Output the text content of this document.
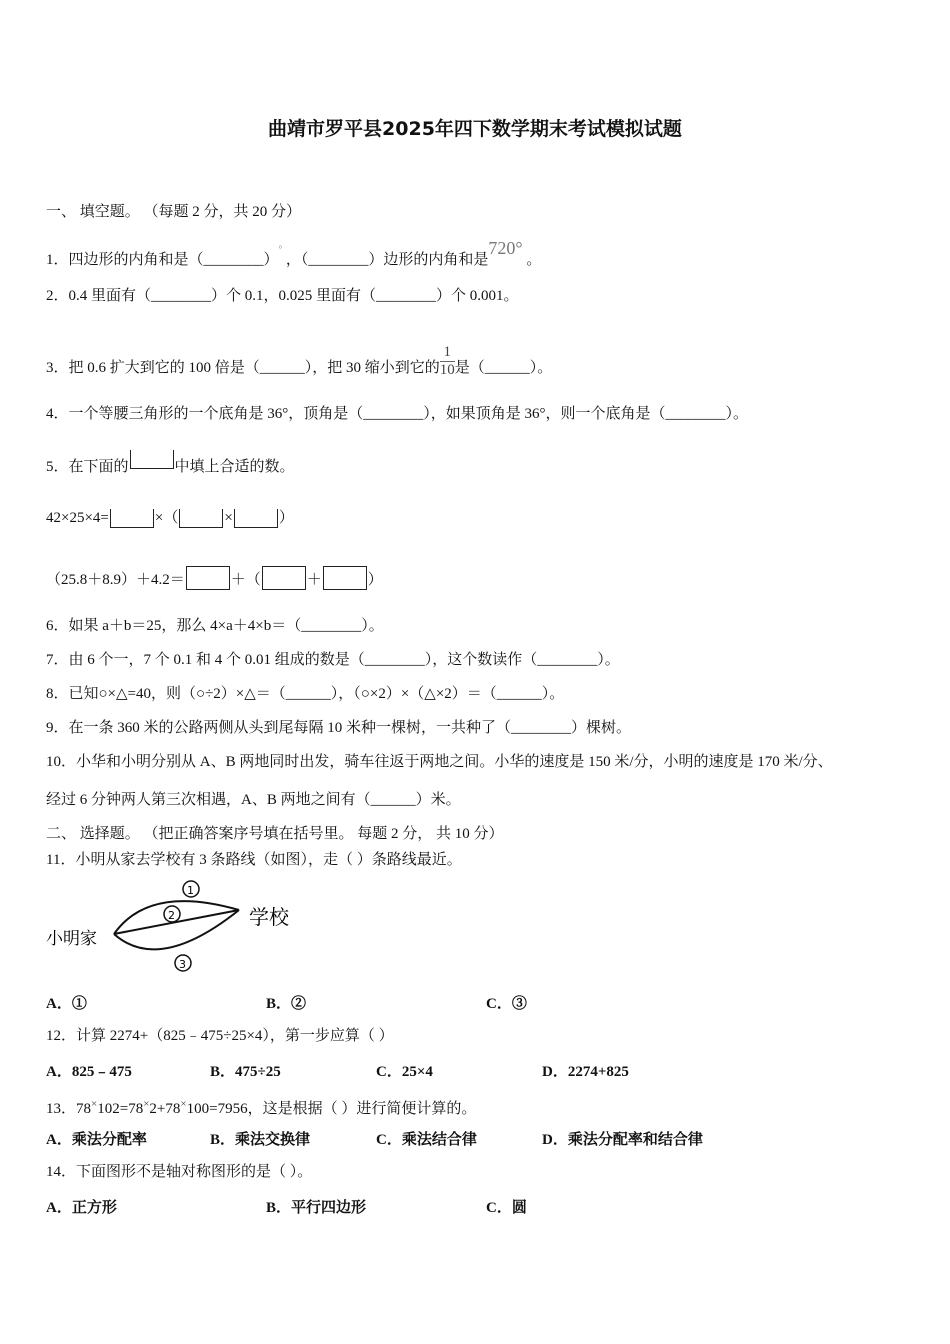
曲靖市罗平县2025年四下数学期末考试模拟试题
一、 填空题。 （每题 2 分，共 20 分）
1．四边形的内角和是（________）° ，（________）边形的内角和是720° 。
2．0.4 里面有（________）个 0.1，0.025 里面有（________）个 0.001。
3．把 0.6 扩大到它的 100 倍是（______），把 30 缩小到它的 $\frac{1}{10}$ 是（______）。
4．一个等腰三角形的一个底角是 36°，顶角是（________），如果顶角是 36°，则一个底角是（________）。
5．在下面的	中填上合适的数。
42×25×4=	×（	×	）
（25.8＋8.9）＋4.2＝	＋（	＋	）
6．如果 a＋b＝25，那么 4×a＋4×b＝（________）。
7．由 6 个一，7 个 0.1 和 4 个 0.01 组成的数是（________），这个数读作（________）。
8．已知○×△=40，则（○÷2）×△＝（______），（○×2）×（△×2）＝（______）。
9．在一条 360 米的公路两侧从头到尾每隔 10 米种一棵树，一共种了（________）棵树。
10．小华和小明分别从 A、B 两地同时出发，骑车往返于两地之间。小华的速度是 150 米/分，小明的速度是 170 米/分、
经过 6 分钟两人第三次相遇，A、B 两地之间有（______）米。
二、 选择题。 （把正确答案序号填在括号里。 每题 2 分， 共 10 分）
11．小明从家去学校有 3 条路线（如图），走（ ）条路线最近。
小明家
学校
1
2
3
A．①	B．②	C．③
12．计算 2274+（825﹣475÷25×4），第一步应算（ ）
A．825﹣475	B．475÷25	C．25×4	D．2274+825
13．78×102=78×2+78×100=7956，这是根据（ ）进行简便计算的。
A．乘法分配率	B．乘法交换律	C．乘法结合律	D．乘法分配率和结合律
14．下面图形不是轴对称图形的是（ ）。
A．正方形	B．平行四边形	C．圆
